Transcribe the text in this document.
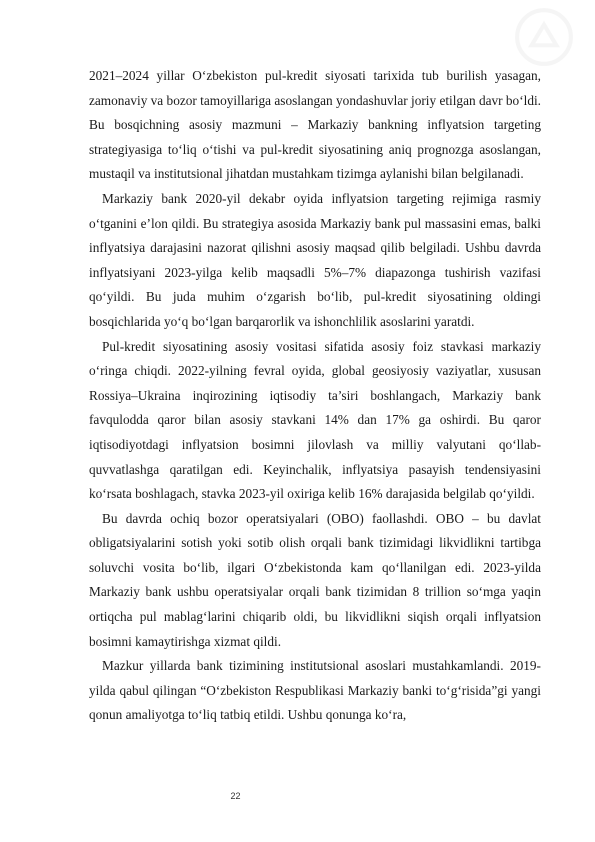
2021–2024 yillar O‘zbekiston pul-kredit siyosati tarixida tub burilish yasagan, zamonaviy va bozor tamoyillariga asoslangan yondashuvlar joriy etilgan davr bo‘ldi. Bu bosqichning asosiy mazmuni – Markaziy bankning inflyatsion targeting strategiyasiga to‘liq o‘tishi va pul-kredit siyosatining aniq prognozga asoslangan, mustaqil va institutsional jihatdan mustahkam tizimga aylanishi bilan belgilanadi.

Markaziy bank 2020-yil dekabr oyida inflyatsion targeting rejimiga rasmiy o‘tganini e’lon qildi. Bu strategiya asosida Markaziy bank pul massasini emas, balki inflyatsiya darajasini nazorat qilishni asosiy maqsad qilib belgiladi. Ushbu davrda inflyatsiyani 2023-yilga kelib maqsadli 5%–7% diapazonga tushirish vazifasi qo‘yildi. Bu juda muhim o‘zgarish bo‘lib, pul-kredit siyosatining oldingi bosqichlarida yo‘q bo‘lgan barqarorlik va ishonchlilik asoslarini yaratdi.

Pul-kredit siyosatining asosiy vositasi sifatida asosiy foiz stavkasi markaziy o‘ringa chiqdi. 2022-yilning fevral oyida, global geosiyosiy vaziyatlar, xususan Rossiya–Ukraina inqirozining iqtisodiy ta’siri boshlangach, Markaziy bank favqulodda qaror bilan asosiy stavkani 14% dan 17% ga oshirdi. Bu qaror iqtisodiyotdagi inflyatsion bosimni jilovlash va milliy valyutani qo‘llab-quvvatlashga qaratilgan edi. Keyinchalik, inflyatsiya pasayish tendensiyasini ko‘rsata boshlagach, stavka 2023-yil oxiriga kelib 16% darajasida belgilab qo‘yildi.

Bu davrda ochiq bozor operatsiyalari (OBO) faollashdi. OBO – bu davlat obligatsiyalarini sotish yoki sotib olish orqali bank tizimidagi likvidlikni tartibga soluvchi vosita bo‘lib, ilgari O‘zbekistonda kam qo‘llanilgan edi. 2023-yilda Markaziy bank ushbu operatsiyalar orqali bank tizimidan 8 trillion so‘mga yaqin ortiqcha pul mablag‘larini chiqarib oldi, bu likvidlikni siqish orqali inflyatsion bosimni kamaytirishga xizmat qildi.

Mazkur yillarda bank tizimining institutsional asoslari mustahkamlandi. 2019-yilda qabul qilingan “O‘zbekiston Respublikasi Markaziy banki to‘g‘risida”gi yangi qonun amaliyotga to‘liq tatbiq etildi. Ushbu qonunga ko‘ra,

22
